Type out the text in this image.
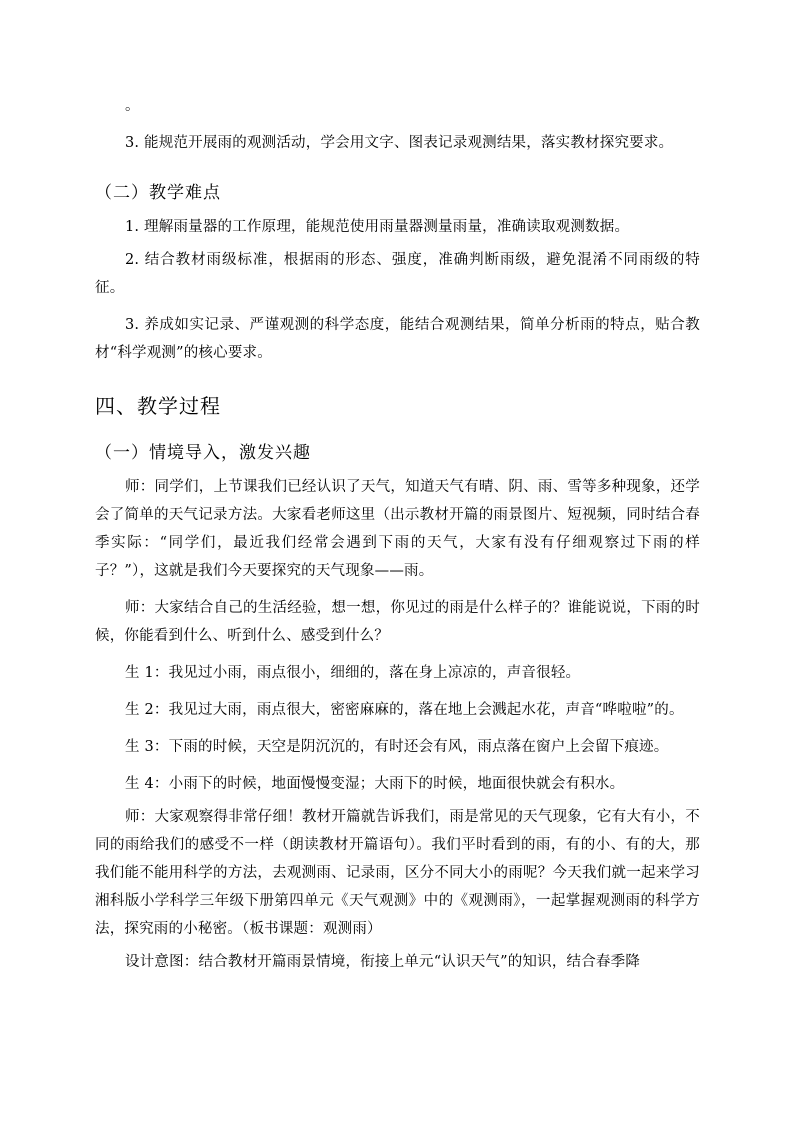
。

3. 能规范开展雨的观测活动，学会用文字、图表记录观测结果，落实教材探究要求。

（二）教学难点

1. 理解雨量器的工作原理，能规范使用雨量器测量雨量，准确读取观测数据。

2. 结合教材雨级标准，根据雨的形态、强度，准确判断雨级，避免混淆不同雨级的特征。

3. 养成如实记录、严谨观测的科学态度，能结合观测结果，简单分析雨的特点，贴合教材“科学观测”的核心要求。

四、教学过程
（一）情境导入，激发兴趣

师：同学们，上节课我们已经认识了天气，知道天气有晴、阴、雨、雪等多种现象，还学会了简单的天气记录方法。大家看老师这里（出示教材开篇的雨景图片、短视频，同时结合春季实际：“同学们，最近我们经常会遇到下雨的天气，大家有没有仔细观察过下雨的样子？”），这就是我们今天要探究的天气现象——雨。

师：大家结合自己的生活经验，想一想，你见过的雨是什么样子的？谁能说说，下雨的时候，你能看到什么、听到什么、感受到什么？

生 1：我见过小雨，雨点很小，细细的，落在身上凉凉的，声音很轻。

生 2：我见过大雨，雨点很大，密密麻麻的，落在地上会溅起水花，声音“哗啦啦”的。

生 3：下雨的时候，天空是阴沉沉的，有时还会有风，雨点落在窗户上会留下痕迹。

生 4：小雨下的时候，地面慢慢变湿；大雨下的时候，地面很快就会有积水。

师：大家观察得非常仔细！教材开篇就告诉我们，雨是常见的天气现象，它有大有小，不同的雨给我们的感受不一样（朗读教材开篇语句）。我们平时看到的雨，有的小、有的大，那我们能不能用科学的方法，去观测雨、记录雨，区分不同大小的雨呢？今天我们就一起来学习湘科版小学科学三年级下册第四单元《天气观测》中的《观测雨》，一起掌握观测雨的科学方法，探究雨的小秘密。（板书课题：观测雨）

设计意图：结合教材开篇雨景情境，衔接上单元“认识天气”的知识，结合春季降
